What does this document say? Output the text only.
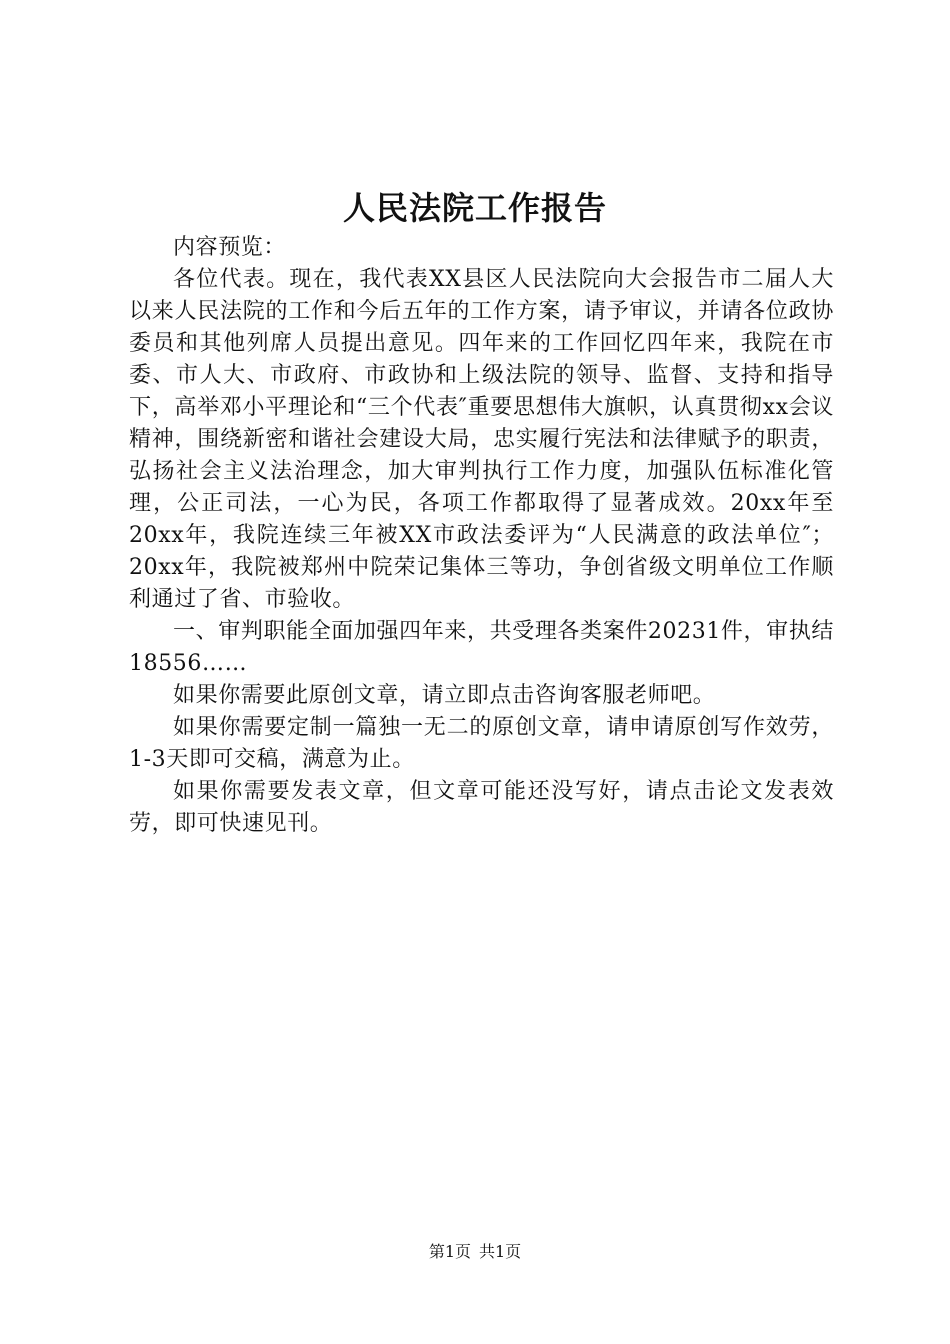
人民法院工作报告

内容预览：

各位代表。现在，我代表XX县区人民法院向大会报告市二届人大以来人民法院的工作和今后五年的工作方案，请予审议，并请各位政协委员和其他列席人员提出意见。四年来的工作回忆四年来，我院在市委、市人大、市政府、市政协和上级法院的领导、监督、支持和指导下，高举邓小平理论和“三个代表″重要思想伟大旗帜，认真贯彻xx会议精神，围绕新密和谐社会建设大局，忠实履行宪法和法律赋予的职责，弘扬社会主义法治理念，加大审判执行工作力度，加强队伍标准化管理，公正司法，一心为民，各项工作都取得了显著成效。20xx年至20xx年，我院连续三年被XX市政法委评为“人民满意的政法单位″；20xx年，我院被郑州中院荣记集体三等功，争创省级文明单位工作顺利通过了省、市验收。

一、审判职能全面加强四年来，共受理各类案件20231件，审执结18556……

如果你需要此原创文章，请立即点击咨询客服老师吧。

如果你需要定制一篇独一无二的原创文章，请申请原创写作效劳，1-3天即可交稿，满意为止。

如果你需要发表文章，但文章可能还没写好，请点击论文发表效劳，即可快速见刊。

第1页 共1页
